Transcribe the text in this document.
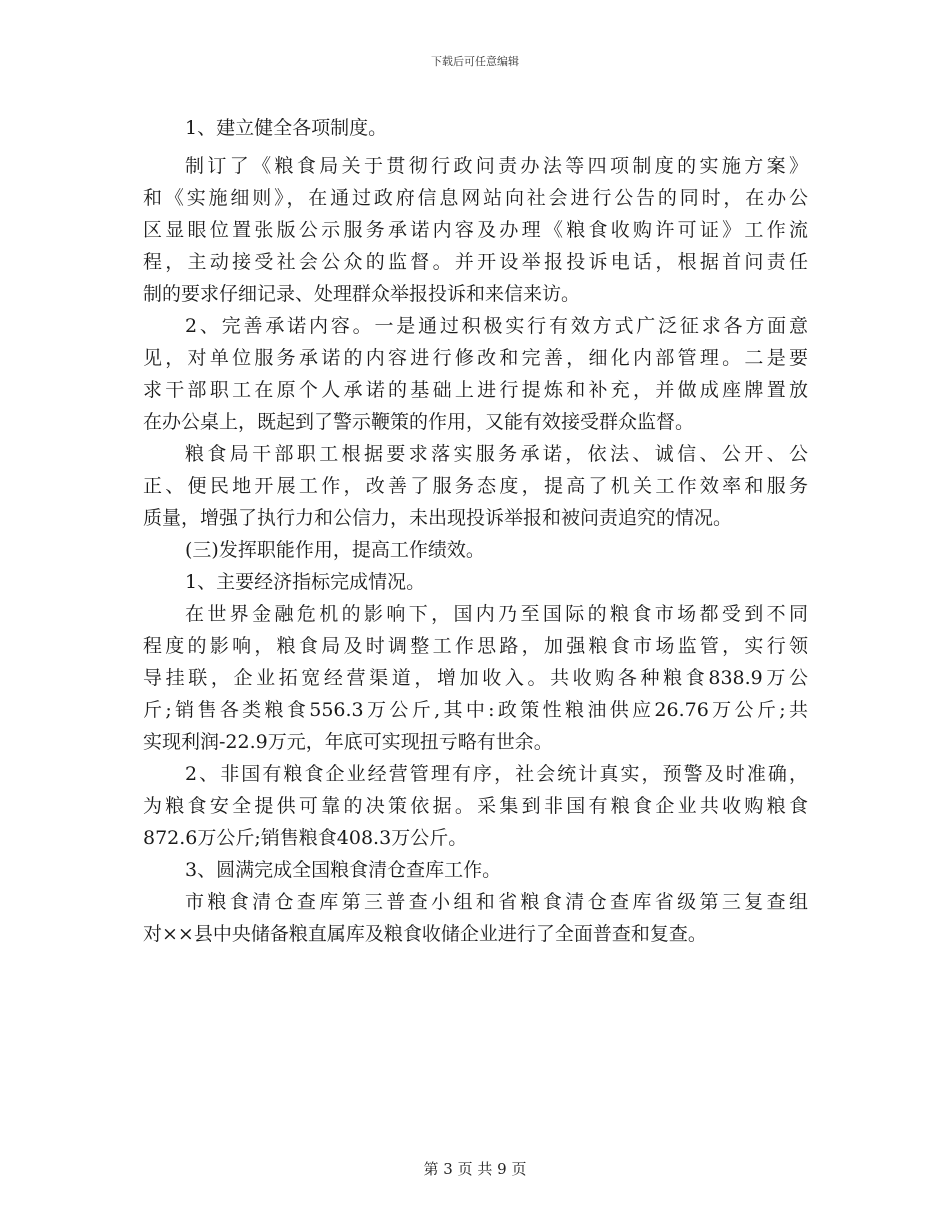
下载后可任意编辑
1、建立健全各项制度。
制订了《粮食局关于贯彻行政问责办法等四项制度的实施方案》
和《实施细则》，在通过政府信息网站向社会进行公告的同时，在办公
区显眼位置张版公示服务承诺内容及办理《粮食收购许可证》工作流
程，主动接受社会公众的监督。并开设举报投诉电话，根据首问责任
制的要求仔细记录、处理群众举报投诉和来信来访。
2、完善承诺内容。一是通过积极实行有效方式广泛征求各方面意
见，对单位服务承诺的内容进行修改和完善，细化内部管理。二是要
求干部职工在原个人承诺的基础上进行提炼和补充，并做成座牌置放
在办公桌上，既起到了警示鞭策的作用，又能有效接受群众监督。
粮食局干部职工根据要求落实服务承诺，依法、诚信、公开、公
正、便民地开展工作，改善了服务态度，提高了机关工作效率和服务
质量，增强了执行力和公信力，未出现投诉举报和被问责追究的情况。
(三)发挥职能作用，提高工作绩效。
1、主要经济指标完成情况。
在世界金融危机的影响下，国内乃至国际的粮食市场都受到不同
程度的影响，粮食局及时调整工作思路，加强粮食市场监管，实行领
导挂联，企业拓宽经营渠道，增加收入。共收购各种粮食838.9万公
斤;销售各类粮食556.3万公斤,其中:政策性粮油供应26.76万公斤;共
实现利润-22.9万元，年底可实现扭亏略有世余。
2、非国有粮食企业经营管理有序，社会统计真实，预警及时准确，
为粮食安全提供可靠的决策依据。采集到非国有粮食企业共收购粮食
872.6万公斤;销售粮食408.3万公斤。
3、圆满完成全国粮食清仓查库工作。
市粮食清仓查库第三普查小组和省粮食清仓查库省级第三复查组
对××县中央储备粮直属库及粮食收储企业进行了全面普查和复查。
第 3 页 共 9 页
